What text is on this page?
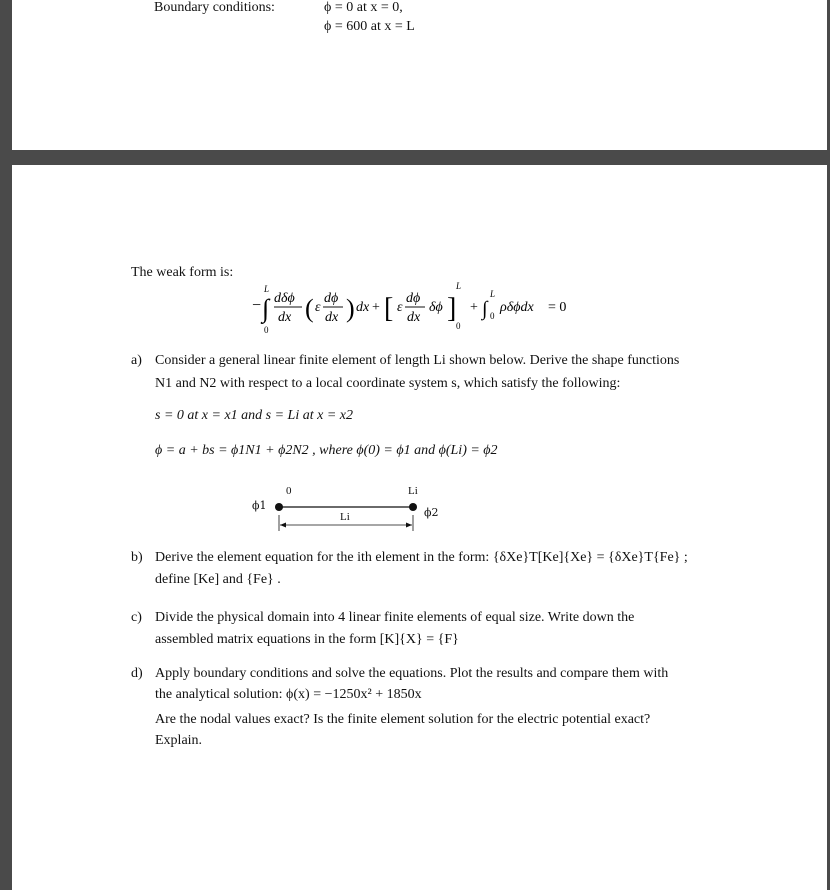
Boundary conditions:	ϕ = 0 at x = 0,
ϕ = 600 at x = L
The weak form is:
− ∫
L
0
dδϕ
dx ( ε
dϕ
dx ) dx + [ ε
dϕ
dx
δϕ ]
L
0
+ ∫
L
0
ρδϕdx = 0
a) Consider a general linear finite element of length Li shown below. Derive the shape functions
N1 and N2 with respect to a local coordinate system s, which satisfy the following:
s = 0 at x = x1 and s = Li at x = x2
ϕ = a + bs = ϕ1N1 + ϕ2N2 , where ϕ(0) = ϕ1 and ϕ(Li) = ϕ2
0	Li
ϕ1
ϕ2
Li
b) Derive the element equation for the ith element in the form: {δXe}T[Ke]{Xe} = {δXe}T{Fe} ;
define [Ke] and {Fe} .
c) Divide the physical domain into 4 linear finite elements of equal size. Write down the
assembled matrix equations in the form [K]{X} = {F}
d) Apply boundary conditions and solve the equations. Plot the results and compare them with
the analytical solution: ϕ(x) = −1250x² + 1850x
Are the nodal values exact? Is the finite element solution for the electric potential exact?
Explain.
